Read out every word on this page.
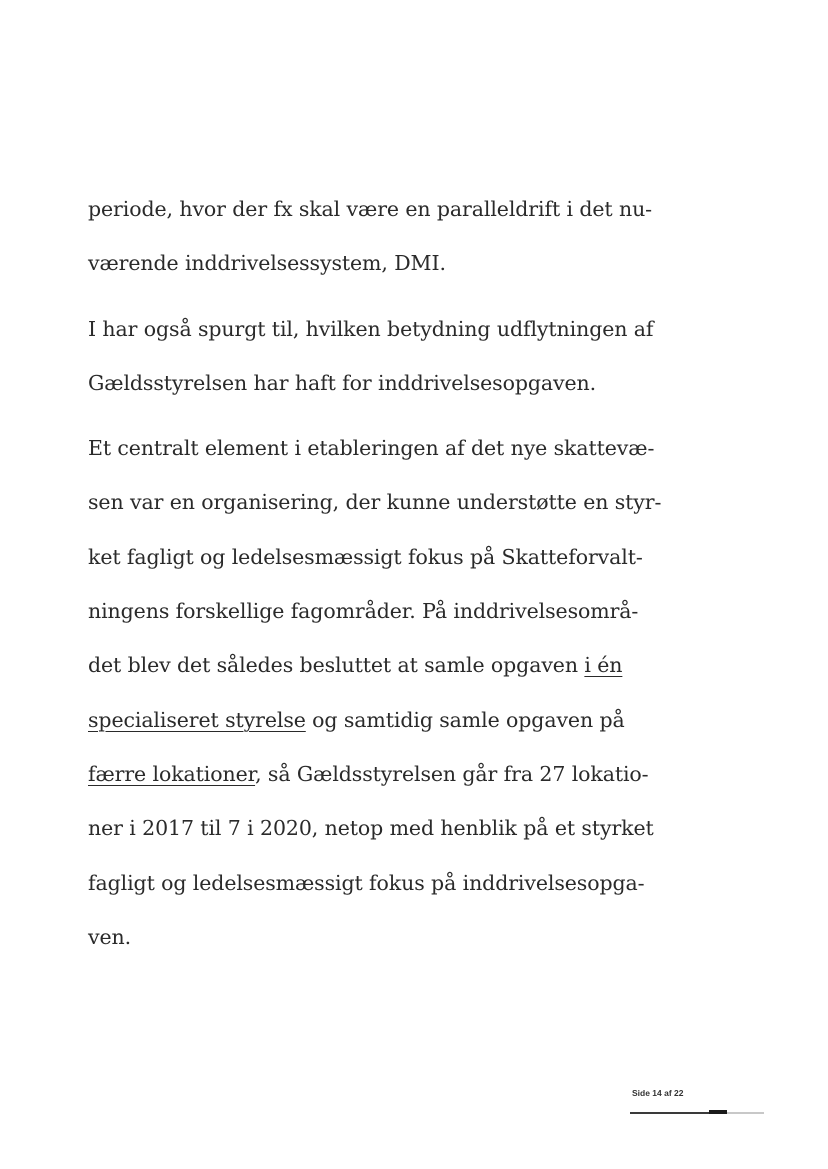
periode, hvor der fx skal være en paralleldrift i det nu-
værende inddrivelsessystem, DMI.
I har også spurgt til, hvilken betydning udflytningen af
Gældsstyrelsen har haft for inddrivelsesopgaven.
Et centralt element i etableringen af det nye skattevæ-
sen var en organisering, der kunne understøtte en styr-
ket fagligt og ledelsesmæssigt fokus på Skatteforvalt-
ningens forskellige fagområder. På inddrivelsesområ-
det blev det således besluttet at samle opgaven i én
specialiseret styrelse og samtidig samle opgaven på
færre lokationer, så Gældsstyrelsen går fra 27 lokatio-
ner i 2017 til 7 i 2020, netop med henblik på et styrket
fagligt og ledelsesmæssigt fokus på inddrivelsesopga-
ven.
Side 14 af 22
